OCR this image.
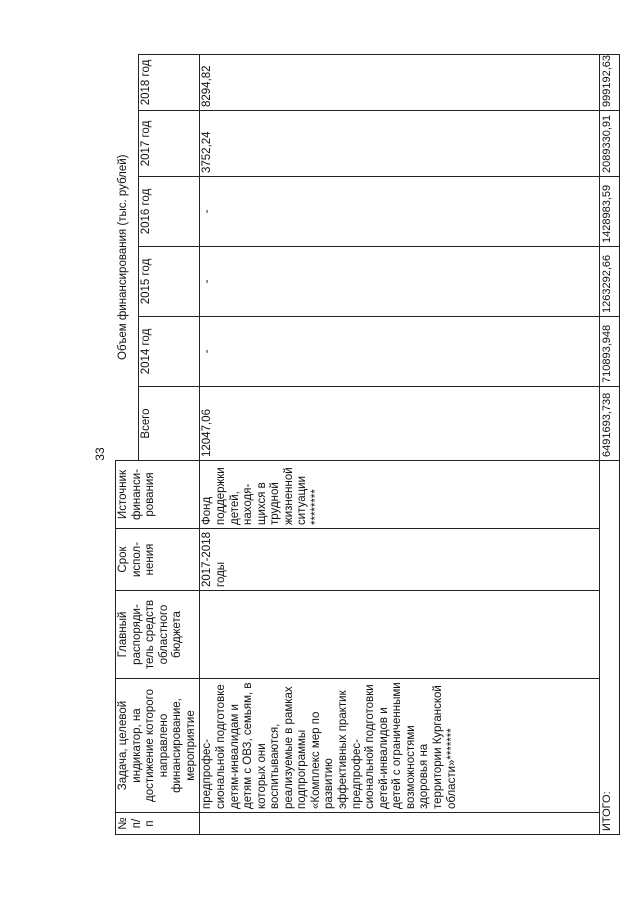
33
№ п/п	Задача, целевой индикатор, на достижение которого направлено финансирование, мероприятие	Главный распоряди-тель средств областного бюджета	Срок испол-нения	Источник финанси-рования	Объем финансирования (тыс. рублей)					
					Всего	2014 год	2015 год	2016 год	2017 год	2018 год
	предпрофес-сиональной подготовке детям-инвалидам и детям с ОВЗ, семьям, в которых они воспитываются, реализуемые в рамках подпрограммы «Комплекс мер по развитию эффективных практик предпрофес-сиональной подготовки детей-инвалидов и детей с ограниченными возможностями здоровья на территории Курганской области»*******		2017-2018 годы	Фонд поддержки детей, находя-щихся в трудной жизненной ситуации ********	12047,06	-	-	-	3752,24	8294,82
ИТОГО:					6491693,738	710893,948	1263292,66	1428983,59	2089330,91	999192,63
